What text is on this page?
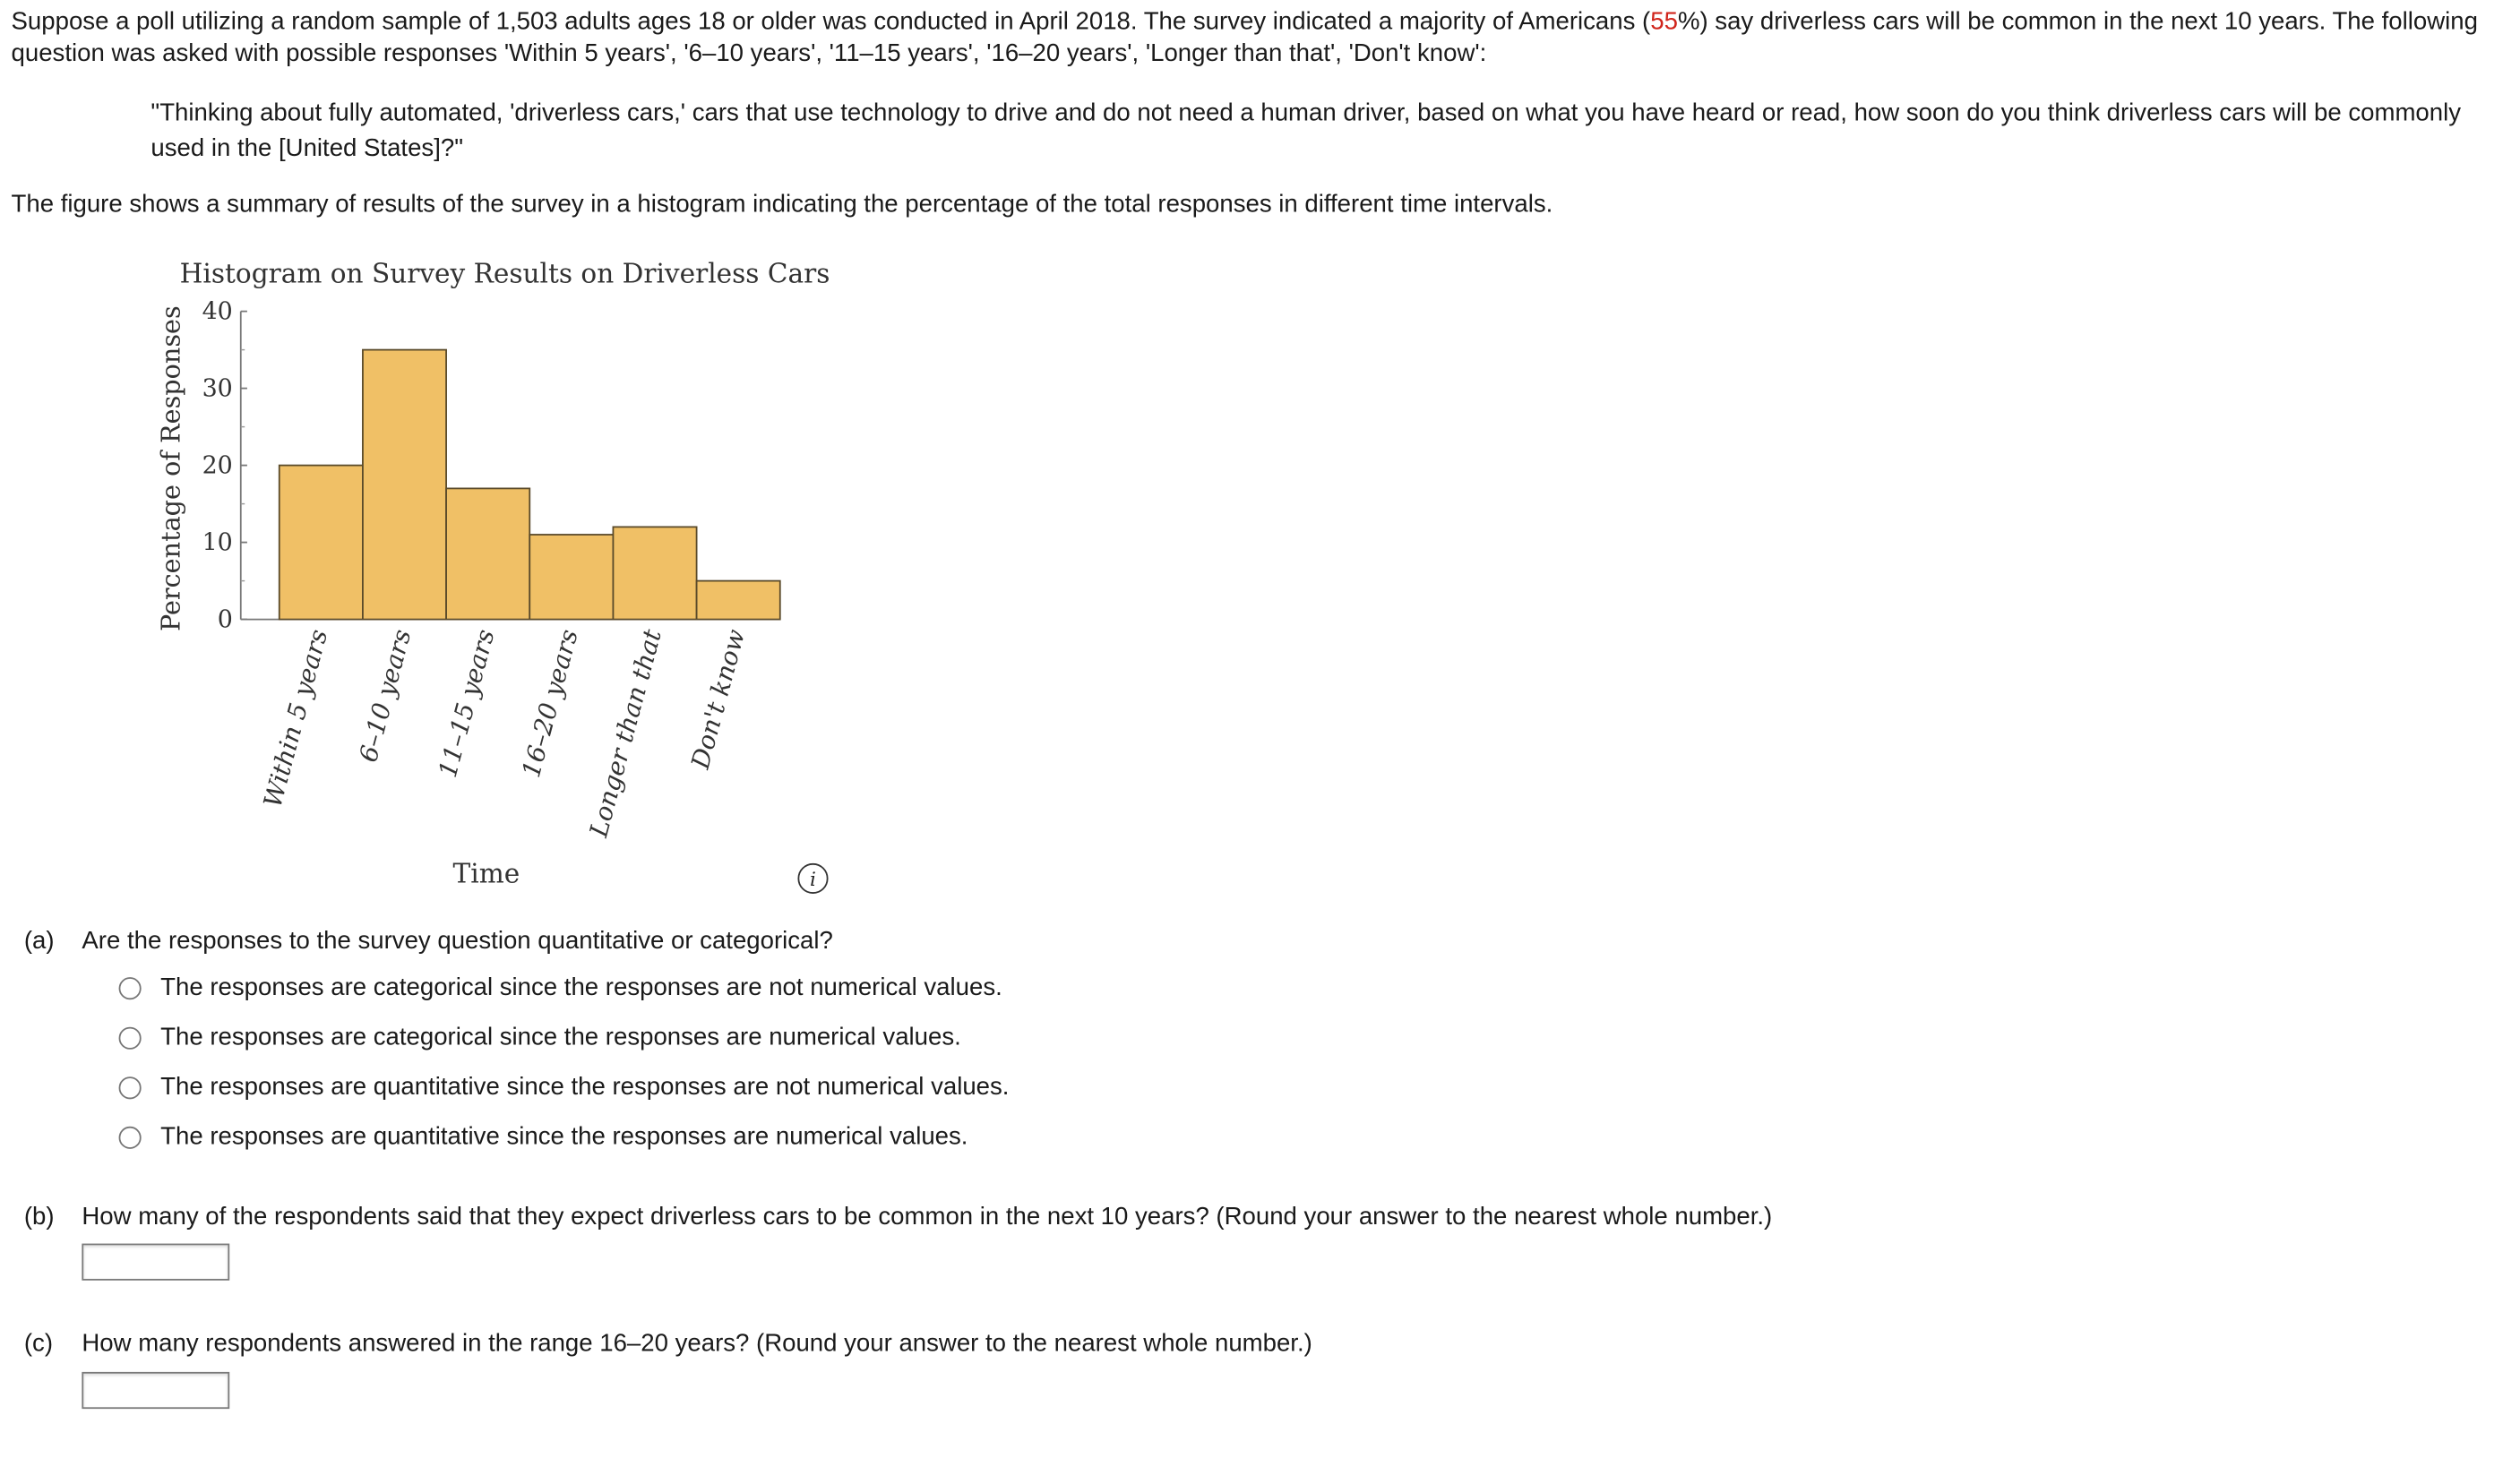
Suppose a poll utilizing a random sample of 1,503 adults ages 18 or older was conducted in April 2018. The survey indicated a majority of Americans (55%) say driverless cars will be common in the next 10 years. The following question was asked with possible responses 'Within 5 years', '6–10 years', '11–15 years', '16–20 years', 'Longer than that', 'Don't know':
"Thinking about fully automated, 'driverless cars,' cars that use technology to drive and do not need a human driver, based on what you have heard or read, how soon do you think driverless cars will be commonly used in the [United States]?"
The figure shows a summary of results of the survey in a histogram indicating the percentage of the total responses in different time intervals.
Histogram on Survey Results on Driverless Cars
Percentage of Responses
Time
0
10
20
30
40
Within 5 years 6–10 years 11–15 years 16–20 years Longer than that Don't know
i
(a) Are the responses to the survey question quantitative or categorical?
The responses are categorical since the responses are not numerical values.
The responses are categorical since the responses are numerical values.
The responses are quantitative since the responses are not numerical values.
The responses are quantitative since the responses are numerical values.
(b) How many of the respondents said that they expect driverless cars to be common in the next 10 years? (Round your answer to the nearest whole number.)
(c) How many respondents answered in the range 16–20 years? (Round your answer to the nearest whole number.)
